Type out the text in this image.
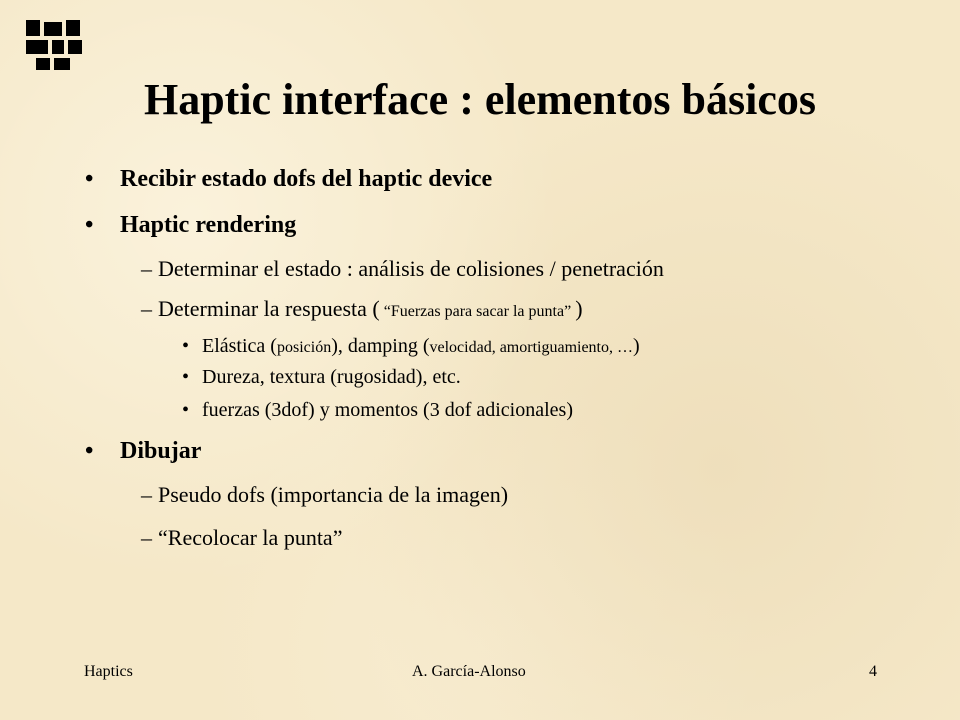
Haptic interface : elementos básicos
• Recibir estado dofs del haptic device
• Haptic rendering
– Determinar el estado : análisis de colisiones / penetración
– Determinar la respuesta ( “Fuerzas para sacar la punta” )
• Elástica (posición), damping (velocidad, amortiguamiento, …)
• Dureza, textura (rugosidad), etc.
• fuerzas (3dof) y momentos (3 dof adicionales)
• Dibujar
– Pseudo dofs (importancia de la imagen)
– “Recolocar la punta”
Haptics	A. García-Alonso	4
